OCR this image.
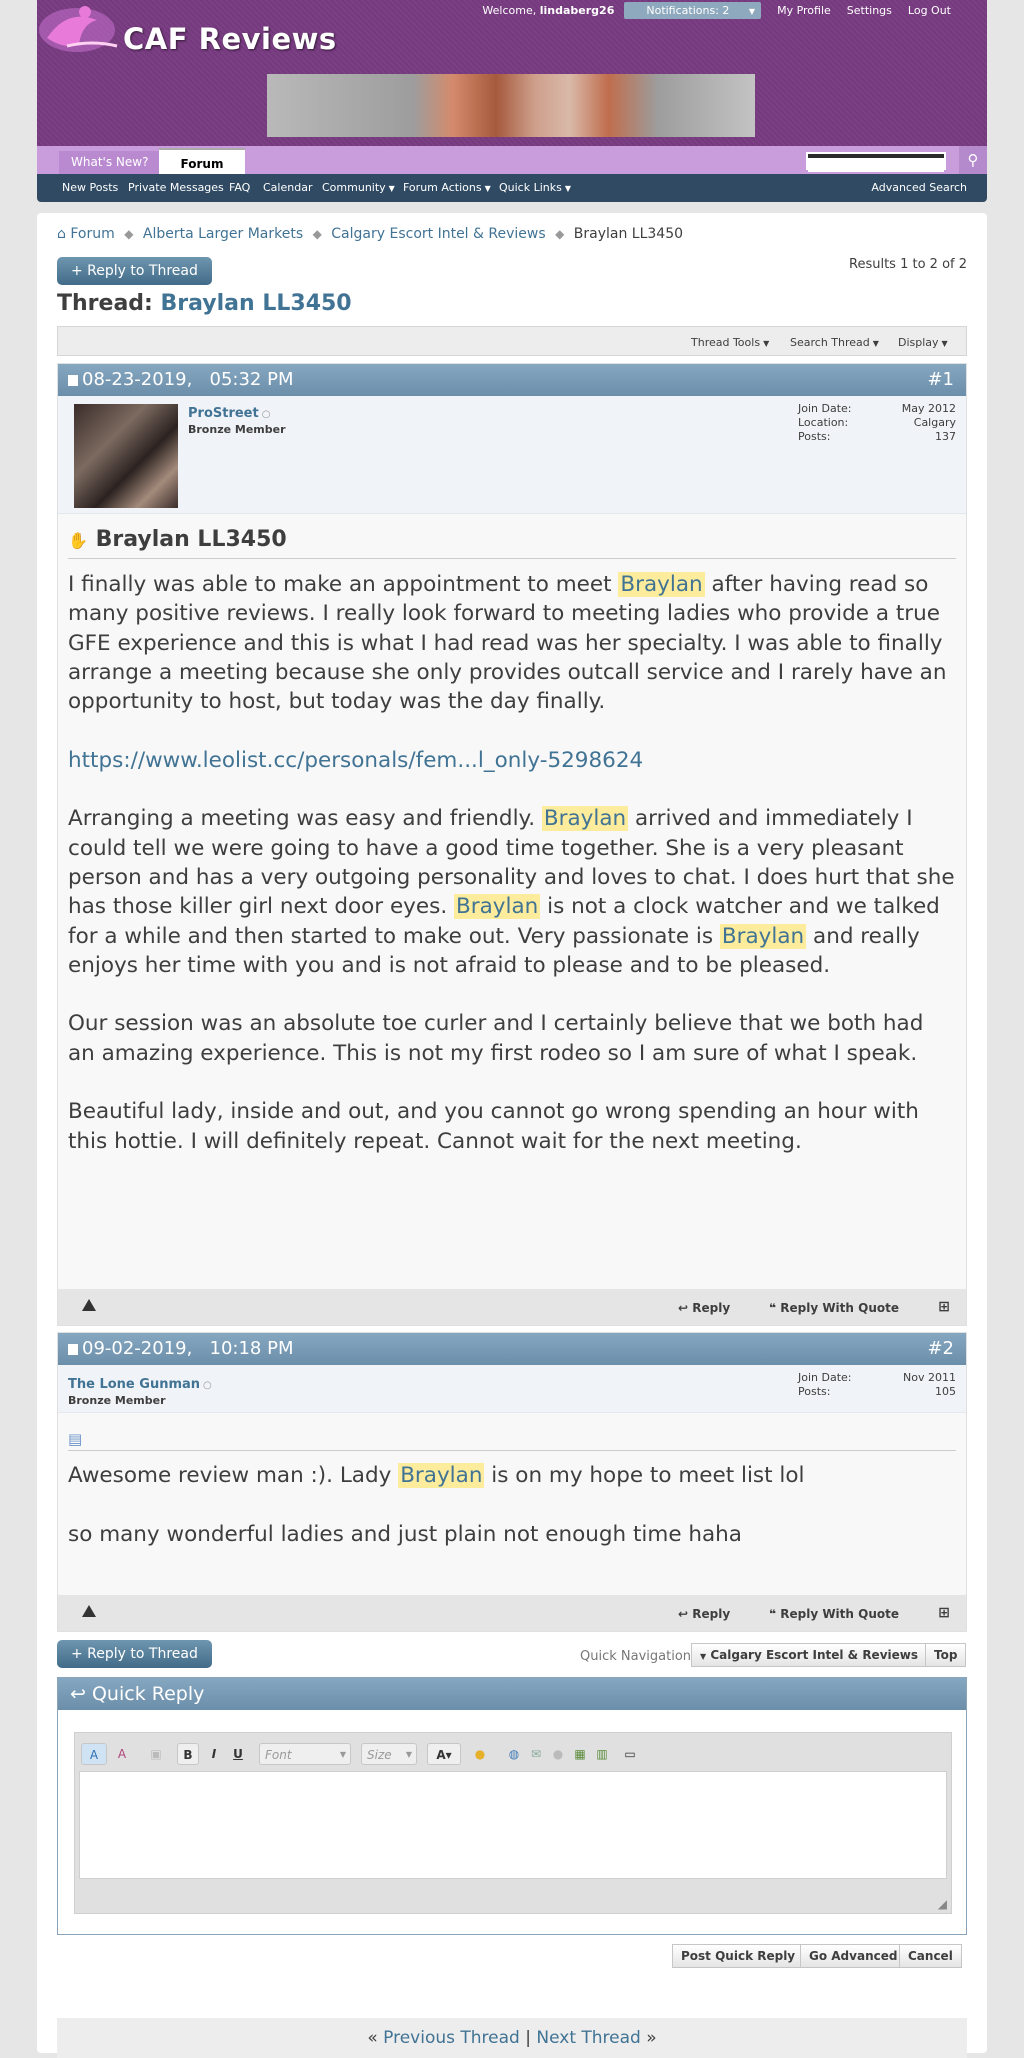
CAF Reviews
Welcome, lindaberg26	Notifications: 2 ▼	My Profile Settings Log Out
What's New?	Forum	⚲
New Posts Private Messages FAQ Calendar Community ▼ Forum Actions ▼ Quick Links ▼	Advanced Search
⌂ Forum ◆ Alberta Larger Markets ◆ Calgary Escort Intel & Reviews ◆ Braylan LL3450
+ Reply to Thread	Results 1 to 2 of 2
Thread: Braylan LL3450
Thread Tools ▼ Search Thread ▼ Display ▼
08-23-2019, 05:32 PM	#1
ProStreet ○
Bronze Member
Join Date:	May 2012
Location:	Calgary
Posts:	137
✋ Braylan LL3450

I finally was able to make an appointment to meet Braylan after having read so many positive reviews. I really look forward to meeting ladies who provide a true GFE experience and this is what I had read was her specialty. I was able to finally arrange a meeting because she only provides outcall service and I rarely have an opportunity to host, but today was the day finally.

https://www.leolist.cc/personals/fem...l_only-5298624

Arranging a meeting was easy and friendly. Braylan arrived and immediately I could tell we were going to have a good time together. She is a very pleasant person and has a very outgoing personality and loves to chat. I does hurt that she has those killer girl next door eyes. Braylan is not a clock watcher and we talked for a while and then started to make out. Very passionate is Braylan and really enjoys her time with you and is not afraid to please and to be pleased.

Our session was an absolute toe curler and I certainly believe that we both had an amazing experience. This is not my first rodeo so I am sure of what I speak.

Beautiful lady, inside and out, and you cannot go wrong spending an hour with this hottie. I will definitely repeat. Cannot wait for the next meeting.

↩ Reply	❝ Reply With Quote	⊞
09-02-2019, 10:18 PM	#2
The Lone Gunman ○
Bronze Member
Join Date:	Nov 2011
Posts:	105
▤

Awesome review man :). Lady Braylan is on my hope to meet list lol

so many wonderful ladies and just plain not enough time haha

↩ Reply	❝ Reply With Quote	⊞
+ Reply to Thread	Quick Navigation	▼ Calgary Escort Intel & Reviews	Top
↩ Quick Reply
A	A	▣	B	I	U	Font	▼	Size ▼	A▾	●	◍ ✉ ● ▦ ▥	▭
◢
Post Quick Reply	Go Advanced Cancel
« Previous Thread | Next Thread »
